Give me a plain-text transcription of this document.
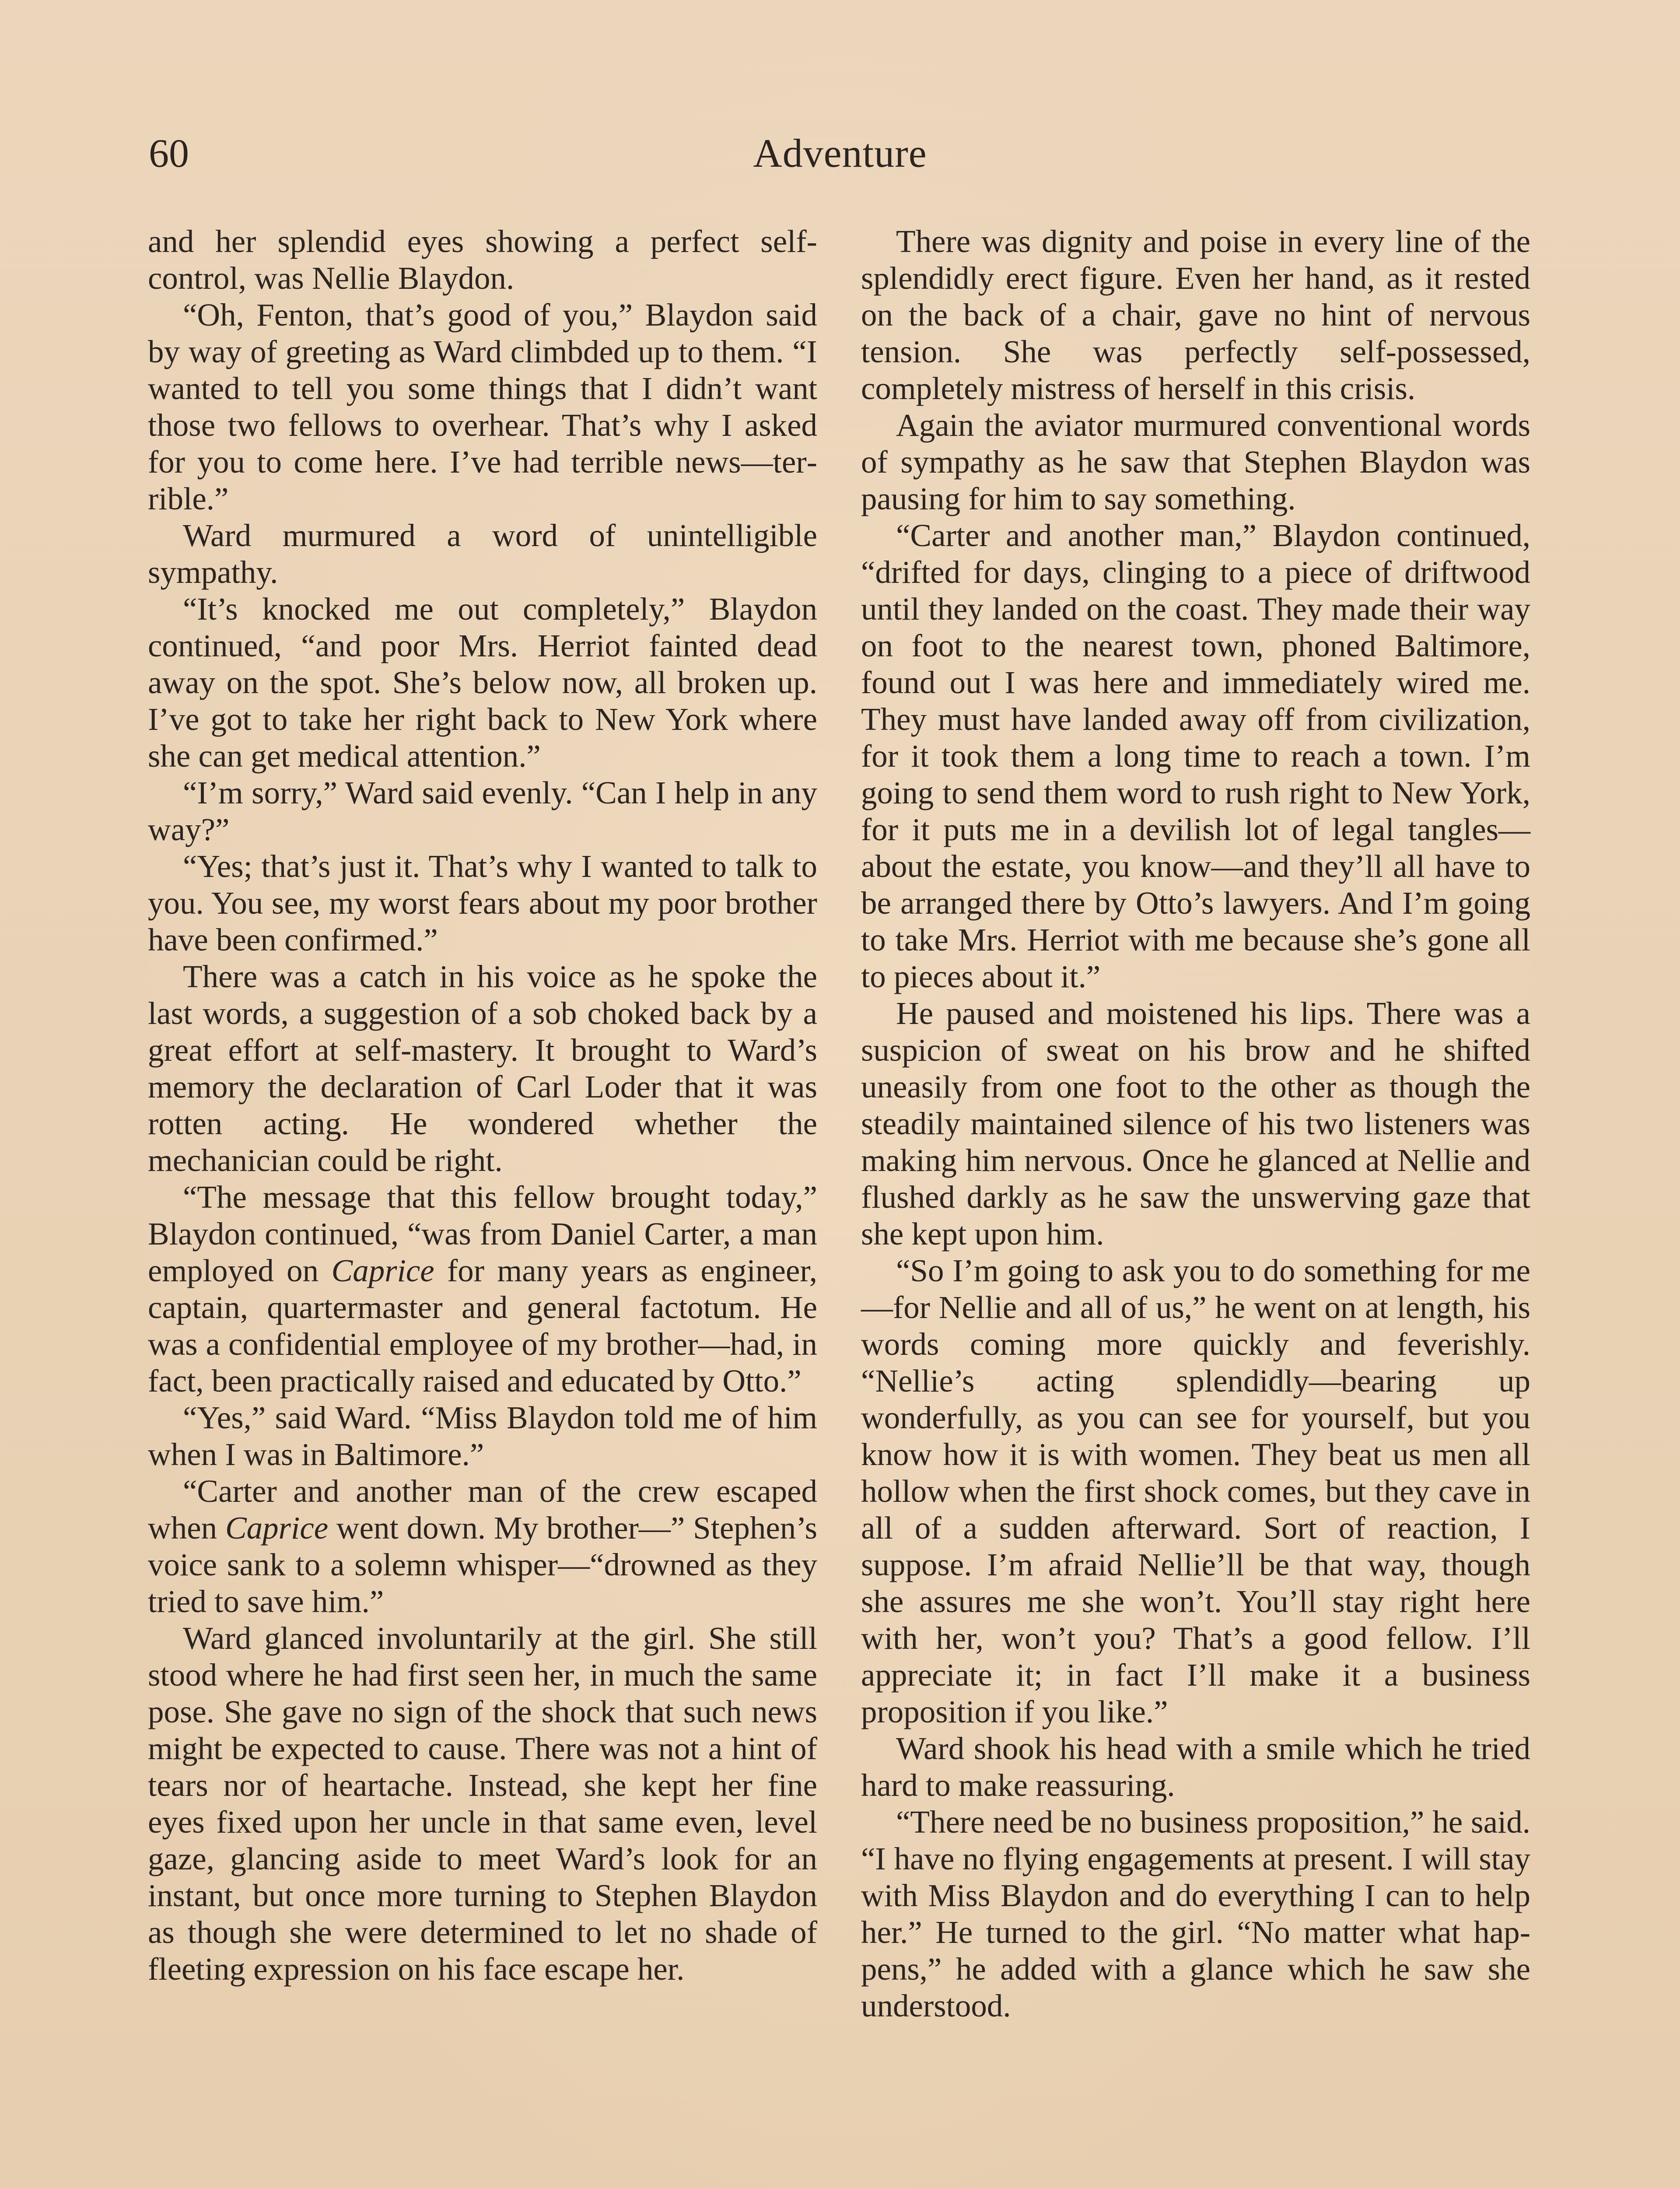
60	Adventure

and her splendid eyes showing a perfect self-control, was Nellie Blaydon.

“Oh, Fenton, that’s good of you,” Blaydon said by way of greeting as Ward climbded up to them. “I wanted to tell you some things that I didn’t want those two fellows to overhear. That’s why I asked for you to come here. I’ve had terrible news—terrible.”

Ward murmured a word of unintelligible sympathy.

“It’s knocked me out completely,” Blaydon continued, “and poor Mrs. Herriot fainted dead away on the spot. She’s below now, all broken up. I’ve got to take her right back to New York where she can get medical attention.”

“I’m sorry,” Ward said evenly. “Can I help in any way?”

“Yes; that’s just it. That’s why I wanted to talk to you. You see, my worst fears about my poor brother have been confirmed.”

There was a catch in his voice as he spoke the last words, a suggestion of a sob choked back by a great effort at self-mastery. It brought to Ward’s memory the declaration of Carl Loder that it was rotten acting. He wondered whether the mechanician could be right.

“The message that this fellow brought today,” Blaydon continued, “was from Daniel Carter, a man employed on Caprice for many years as engineer, captain, quartermaster and general factotum. He was a confidential employee of my brother—had, in fact, been practically raised and educated by Otto.”

“Yes,” said Ward. “Miss Blaydon told me of him when I was in Baltimore.”

“Carter and another man of the crew escaped when Caprice went down. My brother—” Stephen’s voice sank to a solemn whisper—“drowned as they tried to save him.”

Ward glanced involuntarily at the girl. She still stood where he had first seen her, in much the same pose. She gave no sign of the shock that such news might be expected to cause. There was not a hint of tears nor of heartache. Instead, she kept her fine eyes fixed upon her uncle in that same even, level gaze, glancing aside to meet Ward’s look for an instant, but once more turning to Stephen Blaydon as though she were determined to let no shade of fleeting expression on his face escape her.

There was dignity and poise in every line of the splendidly erect figure. Even her hand, as it rested on the back of a chair, gave no hint of nervous tension. She was perfectly self-possessed, completely mistress of herself in this crisis.

Again the aviator murmured conventional words of sympathy as he saw that Stephen Blaydon was pausing for him to say something.

“Carter and another man,” Blaydon continued, “drifted for days, clinging to a piece of driftwood until they landed on the coast. They made their way on foot to the nearest town, phoned Baltimore, found out I was here and immediately wired me. They must have landed away off from civilization, for it took them a long time to reach a town. I’m going to send them word to rush right to New York, for it puts me in a devilish lot of legal tangles—about the estate, you know—and they’ll all have to be arranged there by Otto’s lawyers. And I’m going to take Mrs. Herriot with me because she’s gone all to pieces about it.”

He paused and moistened his lips. There was a suspicion of sweat on his brow and he shifted uneasily from one foot to the other as though the steadily maintained silence of his two listeners was making him nervous. Once he glanced at Nellie and flushed darkly as he saw the unswerving gaze that she kept upon him.

“So I’m going to ask you to do something for me—for Nellie and all of us,” he went on at length, his words coming more quickly and feverishly. “Nellie’s acting splendidly—bearing up wonderfully, as you can see for yourself, but you know how it is with women. They beat us men all hollow when the first shock comes, but they cave in all of a sudden afterward. Sort of reaction, I suppose. I’m afraid Nellie’ll be that way, though she assures me she won’t. You’ll stay right here with her, won’t you? That’s a good fellow. I’ll appreciate it; in fact I’ll make it a business proposition if you like.”

Ward shook his head with a smile which he tried hard to make reassuring.

“There need be no business proposition,” he said. “I have no flying engagements at present. I will stay with Miss Blaydon and do everything I can to help her.” He turned to the girl. “No matter what happens,” he added with a glance which he saw she understood.
